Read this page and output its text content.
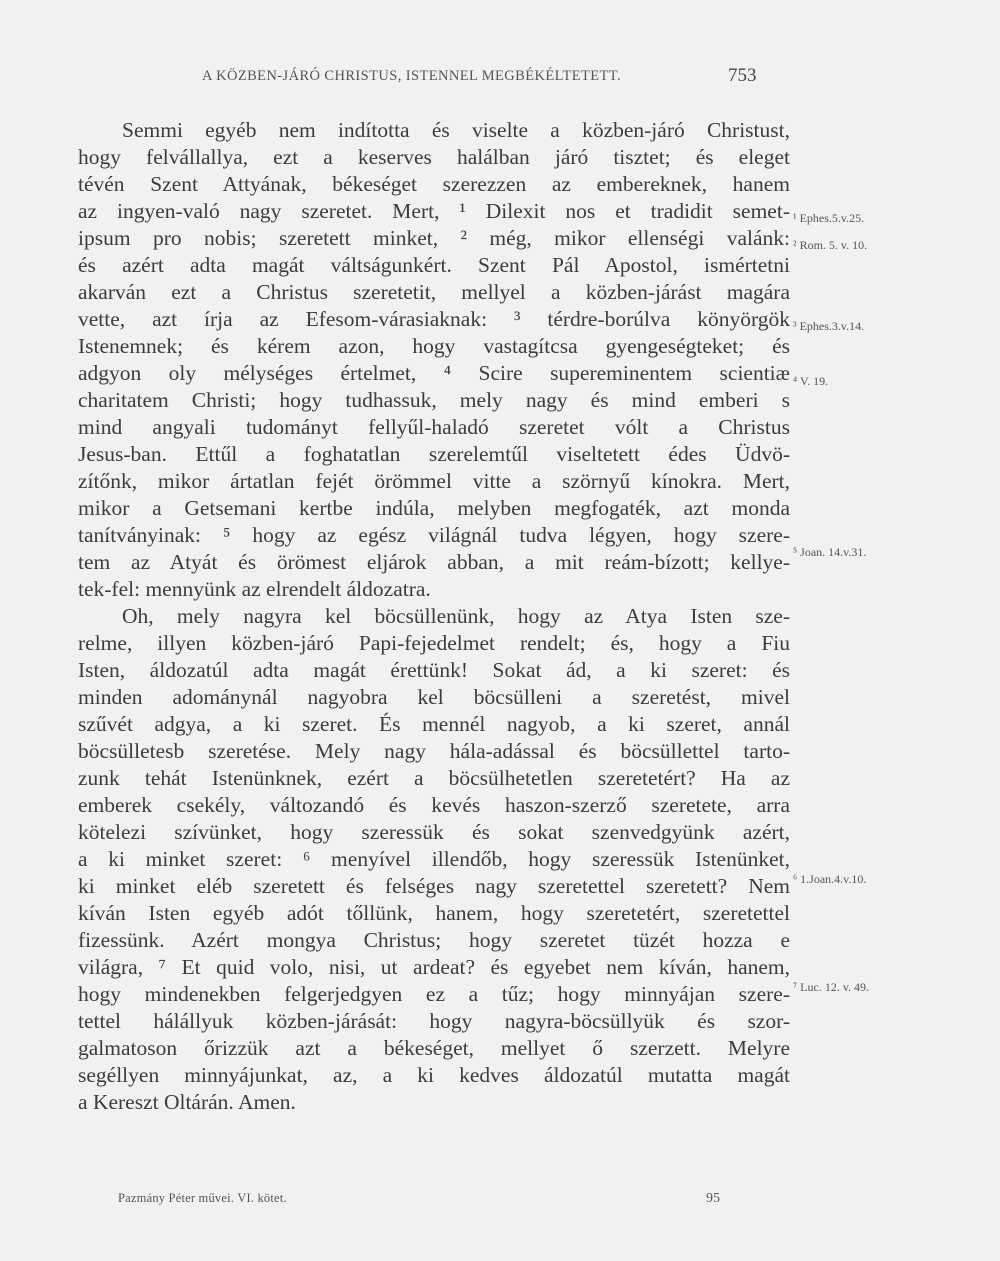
A KÖZBEN-JÁRÓ CHRISTUS, ISTENNEL MEGBÉKÉLTETETT.	753
Semmi egyéb nem indította és viselte a közben-járó Christust,
hogy felvállallya, ezt a keserves halálban járó tisztet; és eleget
tévén Szent Attyának, békeséget szerezzen az embereknek, hanem
az ingyen-való nagy szeretet. Mert, ¹ Dilexit nos et tradidit semet-
ipsum pro nobis; szeretett minket, ² még, mikor ellenségi valánk:
és azért adta magát váltságunkért. Szent Pál Apostol, ismértetni
akarván ezt a Christus szeretetit, mellyel a közben-járást magára
vette, azt írja az Efesom-várasiaknak: ³ térdre-borúlva könyörgök
Istenemnek; és kérem azon, hogy vastagítcsa gyengeségteket; és
adgyon oly mélységes értelmet, ⁴ Scire supereminentem scientiæ
charitatem Christi; hogy tudhassuk, mely nagy és mind emberi s
mind angyali tudományt fellyűl-haladó szeretet vólt a Christus
Jesus-ban. Ettűl a foghatatlan szerelemtűl viseltetett édes Üdvö-
zítőnk, mikor ártatlan fejét örömmel vitte a szörnyű kínokra. Mert,
mikor a Getsemani kertbe indúla, melyben megfogaték, azt monda
tanítványinak: ⁵ hogy az egész világnál tudva légyen, hogy szere-
tem az Atyát és örömest eljárok abban, a mit reám-bízott; kellye-
tek-fel: mennyünk az elrendelt áldozatra.
Oh, mely nagyra kel böcsüllenünk, hogy az Atya Isten sze-
relme, illyen közben-járó Papi-fejedelmet rendelt; és, hogy a Fiu
Isten, áldozatúl adta magát érettünk! Sokat ád, a ki szeret: és
minden adománynál nagyobra kel böcsülleni a szeretést, mivel
szűvét adgya, a ki szeret. És mennél nagyob, a ki szeret, annál
böcsülletesb szeretése. Mely nagy hála-adással és böcsüllettel tarto-
zunk tehát Istenünknek, ezért a böcsülhetetlen szeretetért? Ha az
emberek csekély, változandó és kevés haszon-szerző szeretete, arra
kötelezi szívünket, hogy szeressük és sokat szenvedgyünk azért,
a ki minket szeret: ⁶ menyível illendőb, hogy szeressük Istenünket,
ki minket eléb szeretett és felséges nagy szeretettel szeretett? Nem
kíván Isten egyéb adót tőllünk, hanem, hogy szeretetért, szeretettel
fizessünk. Azért mongya Christus; hogy szeretet tüzét hozza e
világra, ⁷ Et quid volo, nisi, ut ardeat? és egyebet nem kíván, hanem,
hogy mindenekben felgerjedgyen ez a tűz; hogy minnyájan szere-
tettel hálállyuk közben-járását: hogy nagyra-böcsüllyük és szor-
galmatoson őrizzük azt a békeséget, mellyet ő szerzett. Melyre
segéllyen minnyájunkat, az, a ki kedves áldozatúl mutatta magát
a Kereszt Oltárán. Amen.
¹ Ephes.5.v.25.
² Rom. 5. v. 10.
³ Ephes.3.v.14.
⁴ V. 19.
⁵ Joan. 14.v.31.
⁶ 1.Joan.4.v.10.
⁷ Luc. 12. v. 49.
Pazmány Péter művei. VI. kötet.	95
